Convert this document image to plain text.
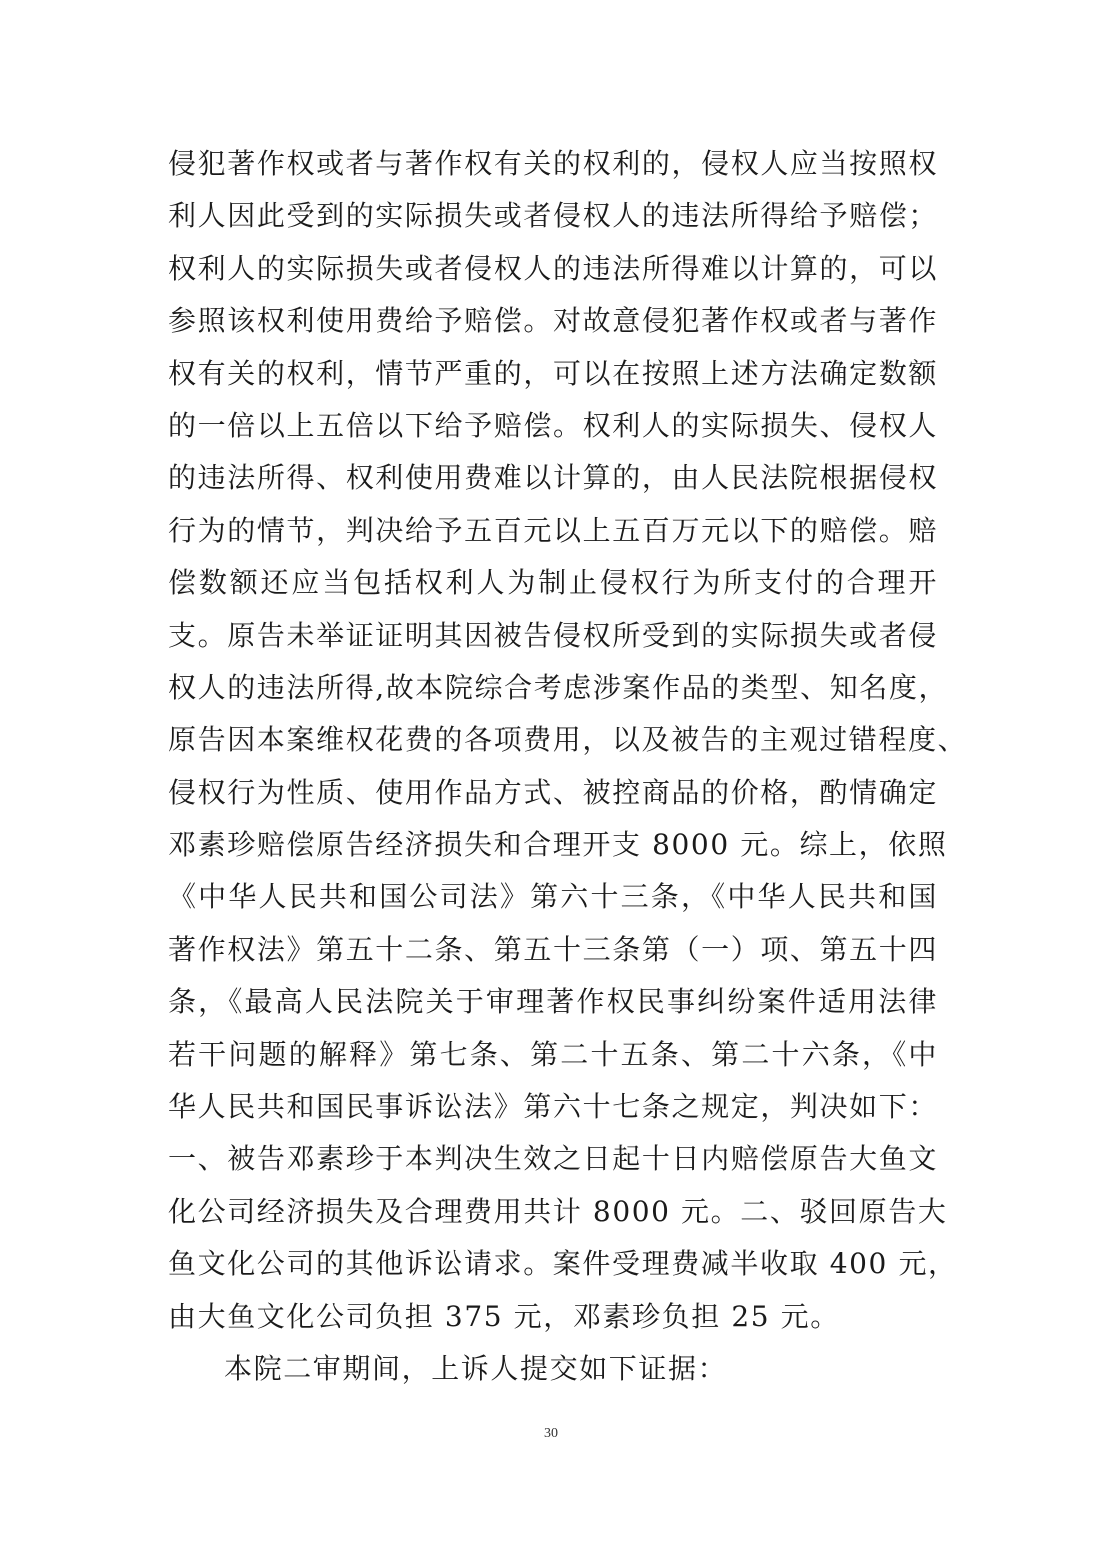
侵犯著作权或者与著作权有关的权利的，侵权人应当按照权
利人因此受到的实际损失或者侵权人的违法所得给予赔偿；
权利人的实际损失或者侵权人的违法所得难以计算的，可以
参照该权利使用费给予赔偿。对故意侵犯著作权或者与著作
权有关的权利，情节严重的，可以在按照上述方法确定数额
的一倍以上五倍以下给予赔偿。权利人的实际损失、侵权人
的违法所得、权利使用费难以计算的，由人民法院根据侵权
行为的情节，判决给予五百元以上五百万元以下的赔偿。赔
偿数额还应当包括权利人为制止侵权行为所支付的合理开
支。原告未举证证明其因被告侵权所受到的实际损失或者侵
权人的违法所得,故本院综合考虑涉案作品的类型、知名度，
原告因本案维权花费的各项费用，以及被告的主观过错程度、
侵权行为性质、使用作品方式、被控商品的价格，酌情确定
邓素珍赔偿原告经济损失和合理开支 8000 元。综上，依照
《中华人民共和国公司法》第六十三条，《中华人民共和国
著作权法》第五十二条、第五十三条第（一）项、第五十四
条，《最高人民法院关于审理著作权民事纠纷案件适用法律
若干问题的解释》第七条、第二十五条、第二十六条，《中
华人民共和国民事诉讼法》第六十七条之规定，判决如下：
一、被告邓素珍于本判决生效之日起十日内赔偿原告大鱼文
化公司经济损失及合理费用共计 8000 元。二、驳回原告大
鱼文化公司的其他诉讼请求。案件受理费减半收取 400 元，
由大鱼文化公司负担 375 元，邓素珍负担 25 元。
本院二审期间，上诉人提交如下证据：
30
